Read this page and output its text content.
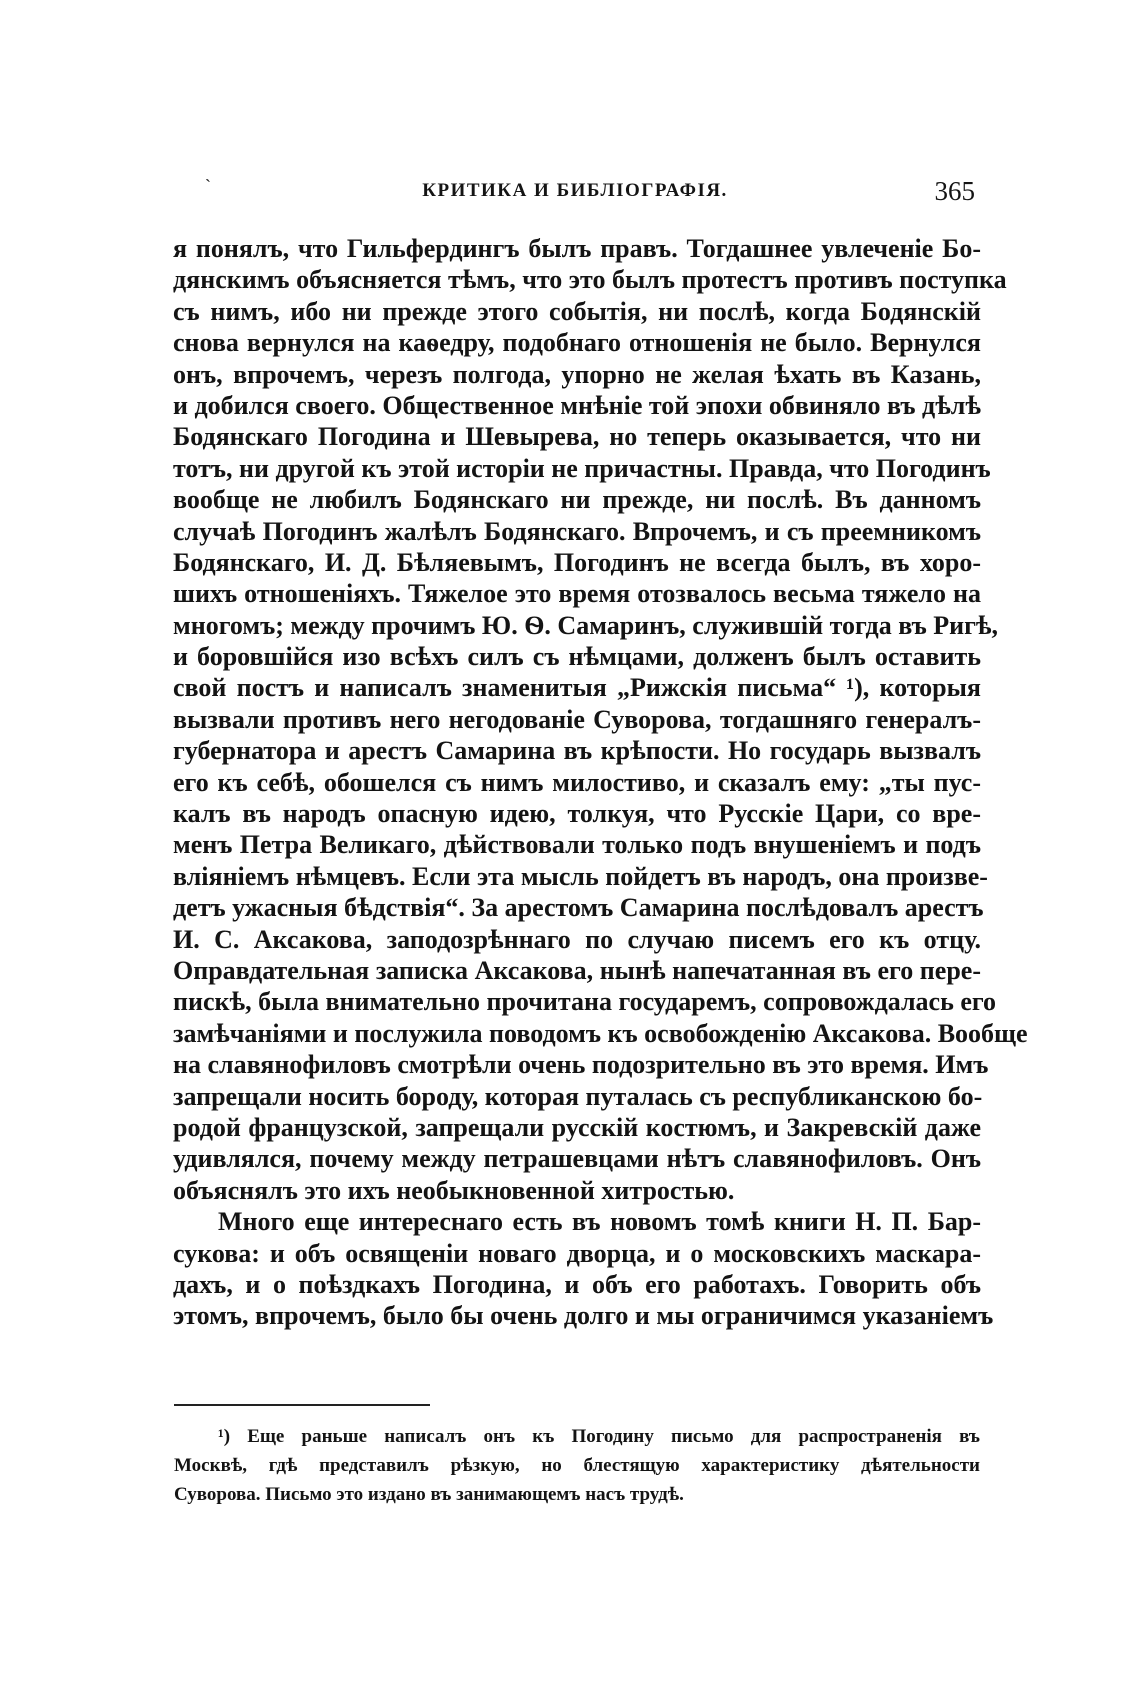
`	КРИТИКА И БИБЛІОГРАФІЯ.	365
я понялъ, что Гильфердингъ былъ правъ. Тогдашнее увлеченіе Бо-
дянскимъ объясняется тѣмъ, что это былъ протестъ противъ поступка
съ нимъ, ибо ни прежде этого событія, ни послѣ, когда Бодянскій
снова вернулся на каѳедру, подобнаго отношенія не было. Вернулся
онъ, впрочемъ, черезъ полгода, упорно не желая ѣхать въ Казань,
и добился своего. Общественное мнѣніе той эпохи обвиняло въ дѣлѣ
Бодянскаго Погодина и Шевырева, но теперь оказывается, что ни
тотъ, ни другой къ этой исторіи не причастны. Правда, что Погодинъ
вообще не любилъ Бодянскаго ни прежде, ни послѣ. Въ данномъ
случаѣ Погодинъ жалѣлъ Бодянскаго. Впрочемъ, и съ преемникомъ
Бодянскаго, И. Д. Бѣляевымъ, Погодинъ не всегда былъ, въ хоро-
шихъ отношеніяхъ. Тяжелое это время отозвалось весьма тяжело на
многомъ; между прочимъ Ю. Ѳ. Самаринъ, служившій тогда въ Ригѣ,
и боровшійся изо всѣхъ силъ съ нѣмцами, долженъ былъ оставить
свой постъ и написалъ знаменитыя „Рижскія письма“ ¹), которыя
вызвали противъ него негодованіе Суворова, тогдашняго генералъ-
губернатора и арестъ Самарина въ крѣпости. Но государь вызвалъ
его къ себѣ, обошелся съ нимъ милостиво, и сказалъ ему: „ты пус-
калъ въ народъ опасную идею, толкуя, что Русскіе Цари, со вре-
менъ Петра Великаго, дѣйствовали только подъ внушеніемъ и подъ
вліяніемъ нѣмцевъ. Если эта мысль пойдетъ въ народъ, она произве-
детъ ужасныя бѣдствія“. За арестомъ Самарина послѣдовалъ арестъ
И. С. Аксакова, заподозрѣннаго по случаю писемъ его къ отцу.
Оправдательная записка Аксакова, нынѣ напечатанная въ его пере-
пискѣ, была внимательно прочитана государемъ, сопровождалась его
замѣчаніями и послужила поводомъ къ освобожденію Аксакова. Вообще
на славянофиловъ смотрѣли очень подозрительно въ это время. Имъ
запрещали носить бороду, которая путалась съ республиканскою бо-
родой французской, запрещали русскій костюмъ, и Закревскій даже
удивлялся, почему между петрашевцами нѣтъ славянофиловъ. Онъ
объяснялъ это ихъ необыкновенной хитростью.
Много еще интереснаго есть въ новомъ томѣ книги Н. П. Бар-
сукова: и объ освященіи новаго дворца, и о московскихъ маскара-
дахъ, и о поѣздкахъ Погодина, и объ его работахъ. Говорить объ
этомъ, впрочемъ, было бы очень долго и мы ограничимся указаніемъ
¹) Еще раньше написалъ онъ къ Погодину письмо для распространенія въ
Москвѣ, гдѣ представилъ рѣзкую, но блестящую характеристику дѣятельности
Суворова. Письмо это издано въ занимающемъ насъ трудѣ.
